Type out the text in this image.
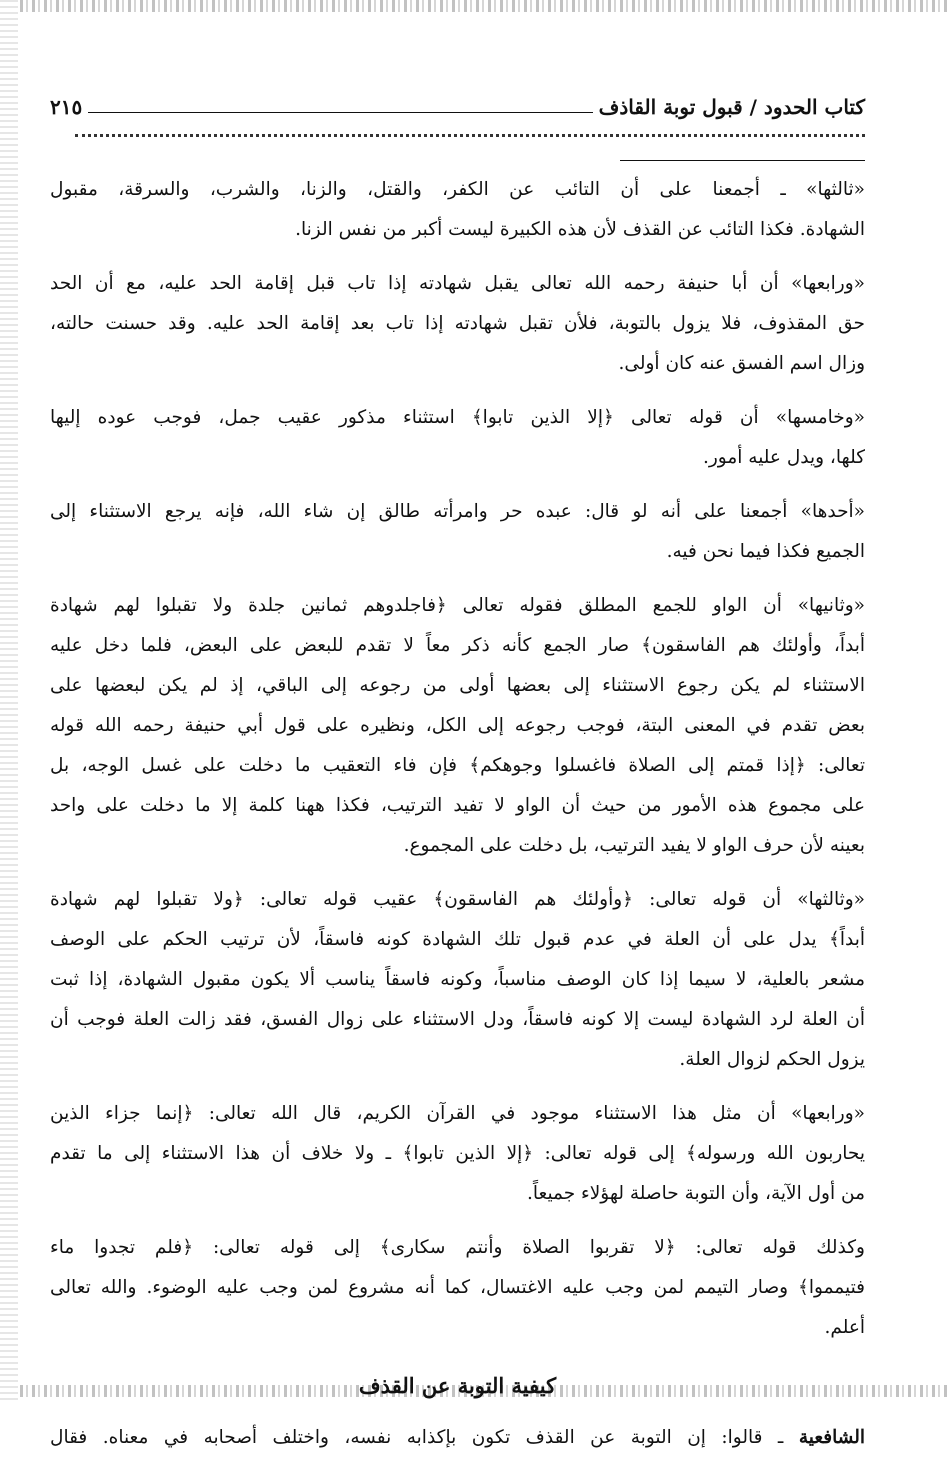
كتاب الحدود / قبول توبة القاذف
٢١٥
«ثالثها» ـ أجمعنا على أن التائب عن الكفر، والقتل، والزنا، والشرب، والسرقة، مقبول
الشهادة. فكذا التائب عن القذف لأن هذه الكبيرة ليست أكبر من نفس الزنا.
«ورابعها» أن أبا حنيفة رحمه الله تعالى يقبل شهادته إذا تاب قبل إقامة الحد عليه، مع أن الحد
حق المقذوف، فلا يزول بالتوبة، فلأن تقبل شهادته إذا تاب بعد إقامة الحد عليه. وقد حسنت حالته،
وزال اسم الفسق عنه كان أولى.
«وخامسها» أن قوله تعالى ﴿إلا الذين تابوا﴾ استثناء مذكور عقيب جمل، فوجب عوده إليها
كلها، ويدل عليه أمور.
«أحدها» أجمعنا على أنه لو قال: عبده حر وامرأته طالق إن شاء الله، فإنه يرجع الاستثناء إلى
الجميع فكذا فيما نحن فيه.
«وثانيها» أن الواو للجمع المطلق فقوله تعالى ﴿فاجلدوهم ثمانين جلدة ولا تقبلوا لهم شهادة
أبداً، وأولئك هم الفاسقون﴾ صار الجمع كأنه ذكر معاً لا تقدم للبعض على البعض، فلما دخل عليه
الاستثناء لم يكن رجوع الاستثناء إلى بعضها أولى من رجوعه إلى الباقي، إذ لم يكن لبعضها على
بعض تقدم في المعنى البتة، فوجب رجوعه إلى الكل، ونظيره على قول أبي حنيفة رحمه الله قوله
تعالى: ﴿إذا قمتم إلى الصلاة فاغسلوا وجوهكم﴾ فإن فاء التعقيب ما دخلت على غسل الوجه، بل
على مجموع هذه الأمور من حيث أن الواو لا تفيد الترتيب، فكذا ههنا كلمة إلا ما دخلت على واحد
بعينه لأن حرف الواو لا يفيد الترتيب، بل دخلت على المجموع.
«وثالثها» أن قوله تعالى: ﴿وأولئك هم الفاسقون﴾ عقيب قوله تعالى: ﴿ولا تقبلوا لهم شهادة
أبداً﴾ يدل على أن العلة في عدم قبول تلك الشهادة كونه فاسقاً، لأن ترتيب الحكم على الوصف
مشعر بالعلية، لا سيما إذا كان الوصف مناسباً، وكونه فاسقاً يناسب ألا يكون مقبول الشهادة، إذا ثبت
أن العلة لرد الشهادة ليست إلا كونه فاسقاً، ودل الاستثناء على زوال الفسق، فقد زالت العلة فوجب أن
يزول الحكم لزوال العلة.
«ورابعها» أن مثل هذا الاستثناء موجود في القرآن الكريم، قال الله تعالى: ﴿إنما جزاء الذين
يحاربون الله ورسوله﴾ إلى قوله تعالى: ﴿إلا الذين تابوا﴾ ـ ولا خلاف أن هذا الاستثناء إلى ما تقدم
من أول الآية، وأن التوبة حاصلة لهؤلاء جميعاً.
وكذلك قوله تعالى: ﴿لا تقربوا الصلاة وأنتم سكارى﴾ إلى قوله تعالى: ﴿فلم تجدوا ماء
فتيمموا﴾ وصار التيمم لمن وجب عليه الاغتسال، كما أنه مشروع لمن وجب عليه الوضوء. والله تعالى
أعلم.
كيفية التوبة عن القذف
الشافعية ـ قالوا: إن التوبة عن القذف تكون بإكذابه نفسه، واختلف أصحابه في معناه. فقال
